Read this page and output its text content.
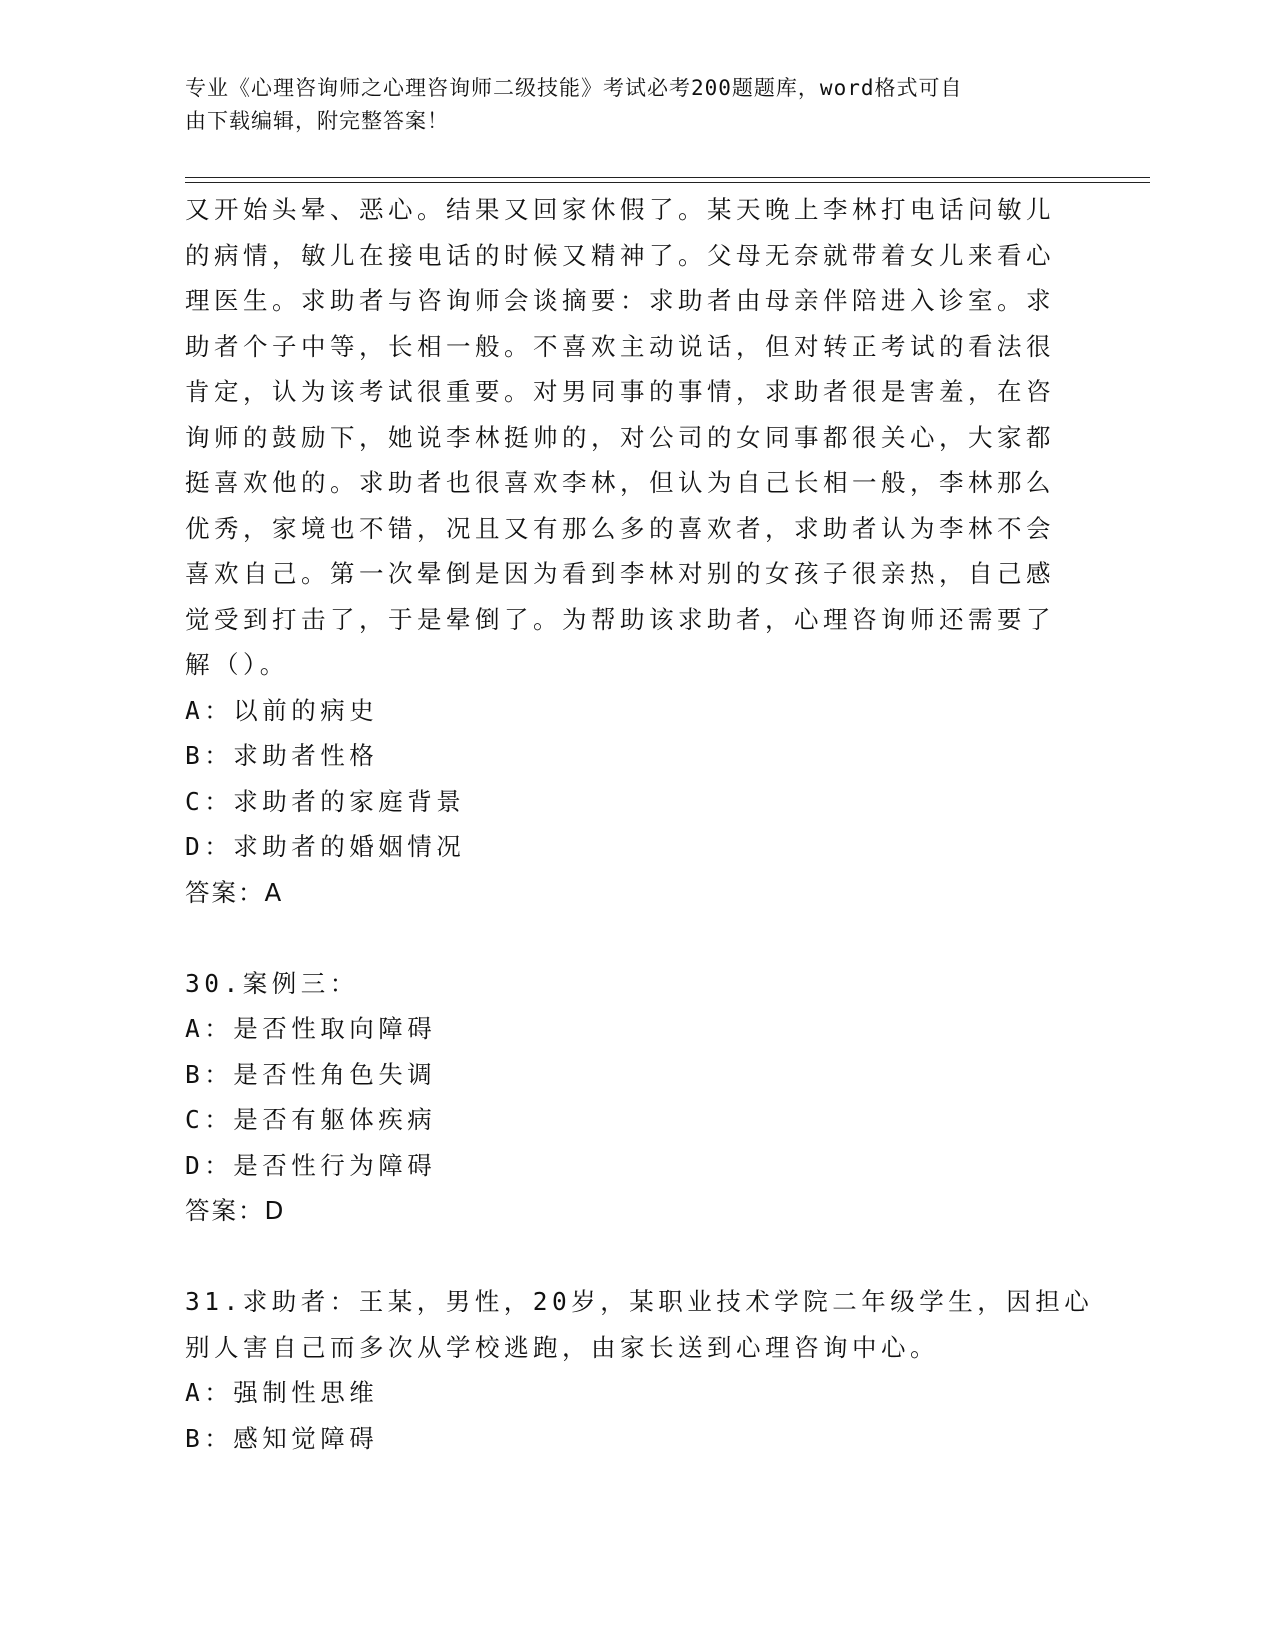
专业《心理咨询师之心理咨询师二级技能》考试必考200题题库，word格式可自
由下载编辑，附完整答案！
又开始头晕、恶心。结果又回家休假了。某天晚上李林打电话问敏儿
的病情，敏儿在接电话的时候又精神了。父母无奈就带着女儿来看心
理医生。求助者与咨询师会谈摘要：求助者由母亲伴陪进入诊室。求
助者个子中等，长相一般。不喜欢主动说话，但对转正考试的看法很
肯定，认为该考试很重要。对男同事的事情，求助者很是害羞，在咨
询师的鼓励下，她说李林挺帅的，对公司的女同事都很关心，大家都
挺喜欢他的。求助者也很喜欢李林，但认为自己长相一般，李林那么
优秀，家境也不错，况且又有那么多的喜欢者，求助者认为李林不会
喜欢自己。第一次晕倒是因为看到李林对别的女孩子很亲热，自己感
觉受到打击了，于是晕倒了。为帮助该求助者，心理咨询师还需要了
解（）。
A：以前的病史
B：求助者性格
C：求助者的家庭背景
D：求助者的婚姻情况
答案：A
30.案例三：
A：是否性取向障碍
B：是否性角色失调
C：是否有躯体疾病
D：是否性行为障碍
答案：D
31.求助者：王某，男性，20岁，某职业技术学院二年级学生，因担心
别人害自己而多次从学校逃跑，由家长送到心理咨询中心。
A：强制性思维
B：感知觉障碍
